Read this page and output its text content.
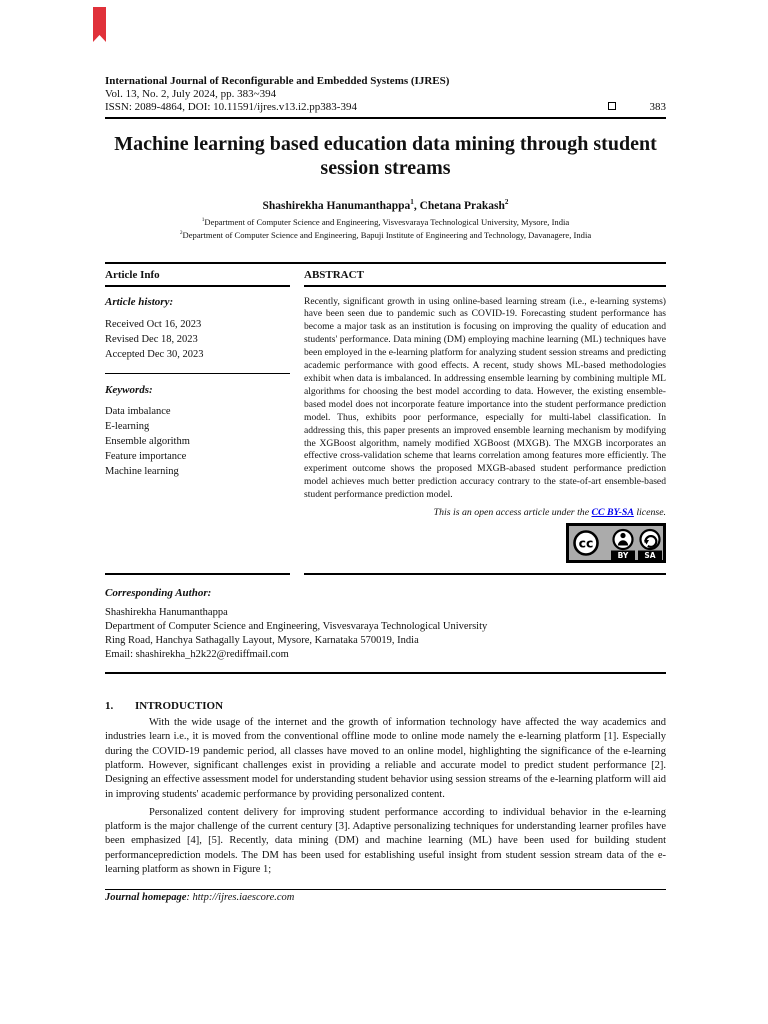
International Journal of Reconfigurable and Embedded Systems (IJRES)
Vol. 13, No. 2, July 2024, pp. 383~394
ISSN: 2089-4864, DOI: 10.11591/ijres.v13.i2.pp383-394	383
Machine learning based education data mining through student session streams
Shashirekha Hanumanthappa$^1$, Chetana Prakash$^2$
$^1$Department of Computer Science and Engineering, Visvesvaraya Technological University, Mysore, India
$^2$Department of Computer Science and Engineering, Bapuji Institute of Engineering and Technology, Davanagere, India
Article Info	ABSTRACT
Article history:
Received Oct 16, 2023
Revised Dec 18, 2023
Accepted Dec 30, 2023
Keywords:
Data imbalance
E-learning
Ensemble algorithm
Feature importance
Machine learning
Recently, significant growth in using online-based learning stream (i.e., e-learning systems) have been seen due to pandemic such as COVID-19. Forecasting student performance has become a major task as an institution is focusing on improving the quality of education and students' performance. Data mining (DM) employing machine learning (ML) techniques have been employed in the e-learning platform for analyzing student session streams and predicting academic performance with good effects. A recent, study shows ML-based methodologies exhibit when data is imbalanced. In addressing ensemble learning by combining multiple ML algorithms for choosing the best model according to data. However, the existing ensemble-based model does not incorporate feature importance into the student performance prediction model. Thus, exhibits poor performance, especially for multi-label classification. In addressing this, this paper presents an improved ensemble learning mechanism by modifying the XGBoost algorithm, namely modified XGBoost (MXGB). The MXGB incorporates an effective cross-validation scheme that learns correlation among features more efficiently. The experiment outcome shows the proposed MXGB-abased student performance prediction model achieves much better prediction accuracy contrary to the state-of-art ensemble-based student performance prediction model.
This is an open access article under the CC BY-SA license.
cc
BY SA
Corresponding Author:
Shashirekha Hanumanthappa
Department of Computer Science and Engineering, Visvesvaraya Technological University
Ring Road, Hanchya Sathagally Layout, Mysore, Karnataka 570019, India
Email: shashirekha_h2k22@rediffmail.com
1. INTRODUCTION
With the wide usage of the internet and the growth of information technology have affected the way academics and industries learn i.e., it is moved from the conventional offline mode to online mode namely the e-learning platform [1]. Especially during the COVID-19 pandemic period, all classes have moved to an online model, highlighting the significance of the e-learning platform. However, significant challenges exist in providing a reliable and accurate model to predict student performance [2]. Designing an effective assessment model for understanding student behavior using session streams of the e-learning platform will aid in improving students' academic performance by providing personalized content.
Personalized content delivery for improving student performance according to individual behavior in the e-learning platform is the major challenge of the current century [3]. Adaptive personalizing techniques for understanding learner profiles have been emphasized [4], [5]. Recently, data mining (DM) and machine learning (ML) have been used for building student performanceprediction models. The DM has been used for establishing useful insight from student session stream data of the e-learning platform as shown in Figure 1;
Journal homepage: http://ijres.iaescore.com
